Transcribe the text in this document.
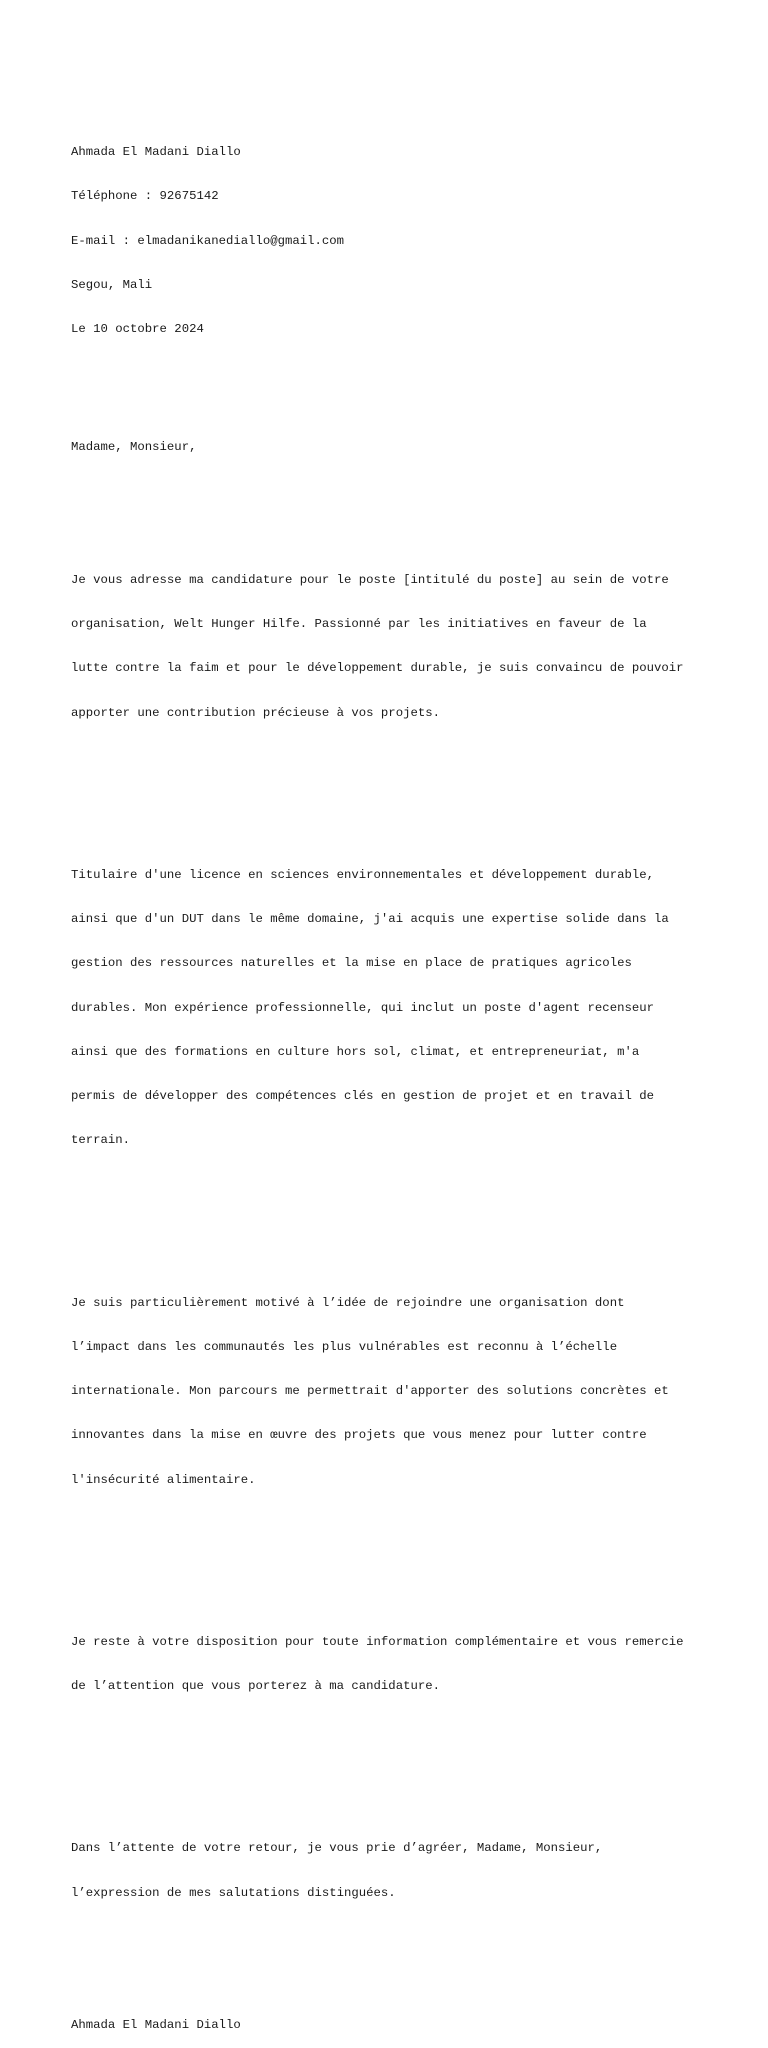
Ahmada El Madani Diallo

Téléphone : 92675142

E-mail : elmadanikanediallo@gmail.com

Segou, Mali

Le 10 octobre 2024

Madame, Monsieur,

Je vous adresse ma candidature pour le poste [intitulé du poste] au sein de votre

organisation, Welt Hunger Hilfe. Passionné par les initiatives en faveur de la

lutte contre la faim et pour le développement durable, je suis convaincu de pouvoir

apporter une contribution précieuse à vos projets.

Titulaire d'une licence en sciences environnementales et développement durable,

ainsi que d'un DUT dans le même domaine, j'ai acquis une expertise solide dans la

gestion des ressources naturelles et la mise en place de pratiques agricoles

durables. Mon expérience professionnelle, qui inclut un poste d'agent recenseur

ainsi que des formations en culture hors sol, climat, et entrepreneuriat, m'a

permis de développer des compétences clés en gestion de projet et en travail de

terrain.

Je suis particulièrement motivé à l’idée de rejoindre une organisation dont

l’impact dans les communautés les plus vulnérables est reconnu à l’échelle

internationale. Mon parcours me permettrait d'apporter des solutions concrètes et

innovantes dans la mise en œuvre des projets que vous menez pour lutter contre

l'insécurité alimentaire.

Je reste à votre disposition pour toute information complémentaire et vous remercie

de l’attention que vous porterez à ma candidature.

Dans l’attente de votre retour, je vous prie d’agréer, Madame, Monsieur,

l’expression de mes salutations distinguées.

Ahmada El Madani Diallo
